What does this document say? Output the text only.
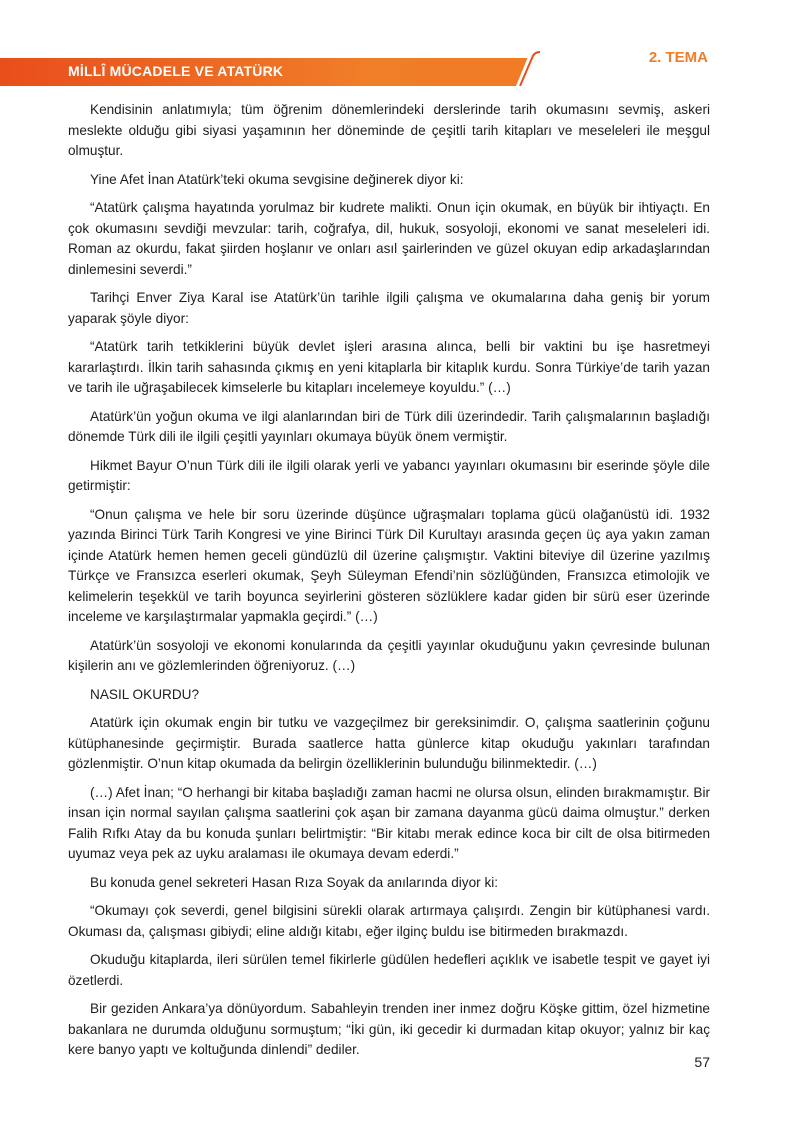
MİLLÎ MÜCADELE VE ATATÜRK
2. TEMA

Kendisinin anlatımıyla; tüm öğrenim dönemlerindeki derslerinde tarih okumasını sevmiş, askeri meslekte olduğu gibi siyasi yaşamının her döneminde de çeşitli tarih kitapları ve meseleleri ile meşgul olmuştur.

Yine Afet İnan Atatürk’teki okuma sevgisine değinerek diyor ki:

“Atatürk çalışma hayatında yorulmaz bir kudrete malikti. Onun için okumak, en büyük bir ihtiyaçtı. En çok okumasını sevdiği mevzular: tarih, coğrafya, dil, hukuk, sosyoloji, ekonomi ve sanat meseleleri idi. Roman az okurdu, fakat şiirden hoşlanır ve onları asıl şairlerinden ve güzel okuyan edip arkadaşlarından dinlemesini severdi.”

Tarihçi Enver Ziya Karal ise Atatürk’ün tarihle ilgili çalışma ve okumalarına daha geniş bir yorum yaparak şöyle diyor:

“Atatürk tarih tetkiklerini büyük devlet işleri arasına alınca, belli bir vaktini bu işe hasretmeyi kararlaştırdı. İlkin tarih sahasında çıkmış en yeni kitaplarla bir kitaplık kurdu. Sonra Türkiye’de tarih yazan ve tarih ile uğraşabilecek kimselerle bu kitapları incelemeye koyuldu.” (…)

Atatürk’ün yoğun okuma ve ilgi alanlarından biri de Türk dili üzerindedir. Tarih çalışmalarının başladığı dönemde Türk dili ile ilgili çeşitli yayınları okumaya büyük önem vermiştir.

Hikmet Bayur O’nun Türk dili ile ilgili olarak yerli ve yabancı yayınları okumasını bir eserinde şöyle dile getirmiştir:

“Onun çalışma ve hele bir soru üzerinde düşünce uğraşmaları toplama gücü olağanüstü idi. 1932 yazında Birinci Türk Tarih Kongresi ve yine Birinci Türk Dil Kurultayı arasında geçen üç aya yakın zaman içinde Atatürk hemen hemen geceli gündüzlü dil üzerine çalışmıştır. Vaktini biteviye dil üzerine yazılmış Türkçe ve Fransızca eserleri okumak, Şeyh Süleyman Efendi’nin sözlüğünden, Fransızca etimolojik ve kelimelerin teşekkül ve tarih boyunca seyirlerini gösteren sözlüklere kadar giden bir sürü eser üzerinde inceleme ve karşılaştırmalar yapmakla geçirdi.” (…)

Atatürk’ün sosyoloji ve ekonomi konularında da çeşitli yayınlar okuduğunu yakın çevresinde bulunan kişilerin anı ve gözlemlerinden öğreniyoruz. (…)

NASIL OKURDU?

Atatürk için okumak engin bir tutku ve vazgeçilmez bir gereksinimdir. O, çalışma saatlerinin çoğunu kütüphanesinde geçirmiştir. Burada saatlerce hatta günlerce kitap okuduğu yakınları tarafından gözlenmiştir. O’nun kitap okumada da belirgin özelliklerinin bulunduğu bilinmektedir. (…)

(…) Afet İnan; “O herhangi bir kitaba başladığı zaman hacmi ne olursa olsun, elinden bırakmamıştır. Bir insan için normal sayılan çalışma saatlerini çok aşan bir zamana dayanma gücü daima olmuştur.” derken Falih Rıfkı Atay da bu konuda şunları belirtmiştir: “Bir kitabı merak edince koca bir cilt de olsa bitirmeden uyumaz veya pek az uyku aralaması ile okumaya devam ederdi.”

Bu konuda genel sekreteri Hasan Rıza Soyak da anılarında diyor ki:

“Okumayı çok severdi, genel bilgisini sürekli olarak artırmaya çalışırdı. Zengin bir kütüphanesi vardı. Okuması da, çalışması gibiydi; eline aldığı kitabı, eğer ilginç buldu ise bitirmeden bırakmazdı.

Okuduğu kitaplarda, ileri sürülen temel fikirlerle güdülen hedefleri açıklık ve isabetle tespit ve gayet iyi özetlerdi.

Bir geziden Ankara’ya dönüyordum. Sabahleyin trenden iner inmez doğru Köşke gittim, özel hizmetine bakanlara ne durumda olduğunu sormuştum; “İki gün, iki gecedir ki durmadan kitap okuyor; yalnız bir kaç kere banyo yaptı ve koltuğunda dinlendi” dediler.

57
